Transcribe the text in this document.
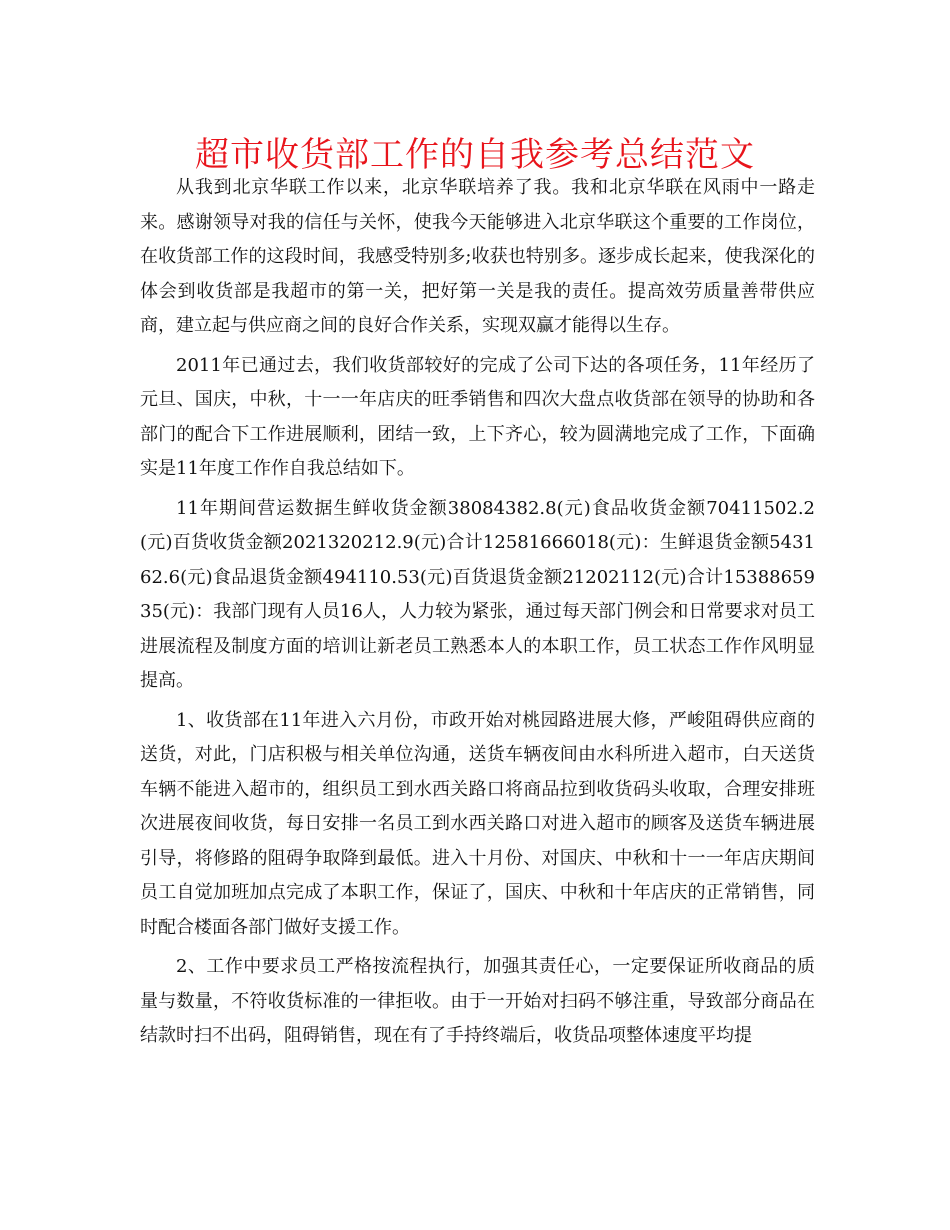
超市收货部工作的自我参考总结范文

从我到北京华联工作以来，北京华联培养了我。我和北京华联在风雨中一路走来。感谢领导对我的信任与关怀，使我今天能够进入北京华联这个重要的工作岗位，在收货部工作的这段时间，我感受特别多;收获也特别多。逐步成长起来，使我深化的体会到收货部是我超市的第一关，把好第一关是我的责任。提高效劳质量善带供应商，建立起与供应商之间的良好合作关系，实现双赢才能得以生存。

2011年已通过去，我们收货部较好的完成了公司下达的各项任务，11年经历了元旦、国庆，中秋，十一一年店庆的旺季销售和四次大盘点收货部在领导的协助和各部门的配合下工作进展顺利，团结一致，上下齐心，较为圆满地完成了工作，下面确实是11年度工作作自我总结如下。

11年期间营运数据生鲜收货金额38084382.8(元)食品收货金额70411502.2(元)百货收货金额2021320212.9(元)合计12581666018(元)：生鲜退货金额543162.6(元)食品退货金额494110.53(元)百货退货金额21202112(元)合计1538865935(元)：我部门现有人员16人，人力较为紧张，通过每天部门例会和日常要求对员工进展流程及制度方面的培训让新老员工熟悉本人的本职工作，员工状态工作作风明显提高。

1、收货部在11年进入六月份，市政开始对桃园路进展大修，严峻阻碍供应商的送货，对此，门店积极与相关单位沟通，送货车辆夜间由水科所进入超市，白天送货车辆不能进入超市的，组织员工到水西关路口将商品拉到收货码头收取，合理安排班次进展夜间收货，每日安排一名员工到水西关路口对进入超市的顾客及送货车辆进展引导，将修路的阻碍争取降到最低。进入十月份、对国庆、中秋和十一一年店庆期间员工自觉加班加点完成了本职工作，保证了，国庆、中秋和十年店庆的正常销售，同时配合楼面各部门做好支援工作。

2、工作中要求员工严格按流程执行，加强其责任心，一定要保证所收商品的质量与数量，不符收货标准的一律拒收。由于一开始对扫码不够注重，导致部分商品在结款时扫不出码，阻碍销售，现在有了手持终端后，收货品项整体速度平均提
